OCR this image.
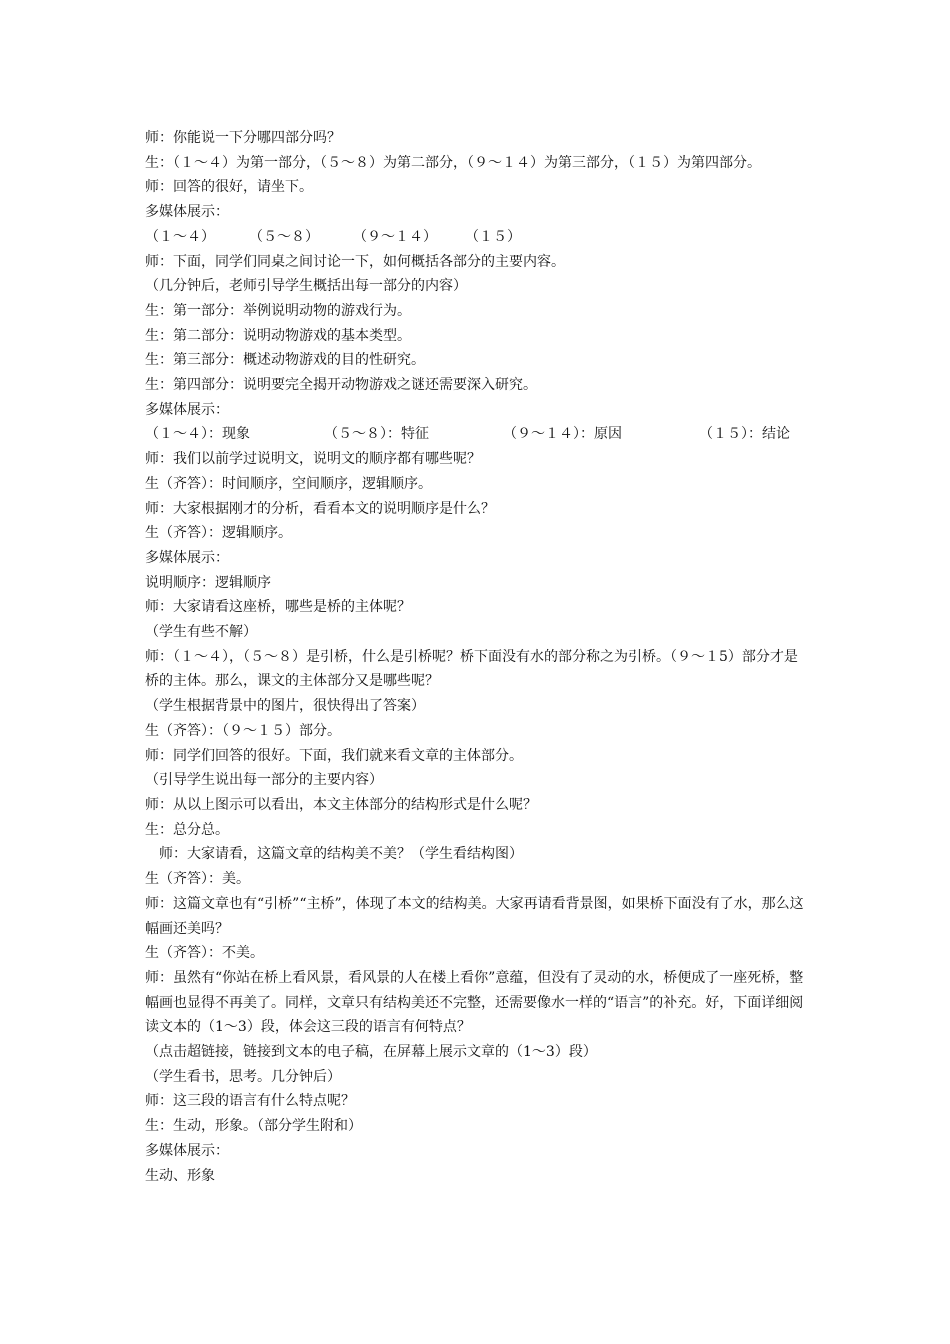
师：你能说一下分哪四部分吗？

生：（１～４）为第一部分，（５～８）为第二部分，（９～１４）为第三部分，（１５）为第四部分。

师：回答的很好，请坐下。

多媒体展示：

（１～４）	（５～８）	（９～１４）	（１５）

师：下面，同学们同桌之间讨论一下，如何概括各部分的主要内容。

（几分钟后，老师引导学生概括出每一部分的内容）

生：第一部分：举例说明动物的游戏行为。

生：第二部分：说明动物游戏的基本类型。

生：第三部分：概述动物游戏的目的性研究。

生：第四部分：说明要完全揭开动物游戏之谜还需要深入研究。

多媒体展示：

（１～４）：现象	（５～８）：特征	（９～１４）：原因	（１５）：结论

师：我们以前学过说明文，说明文的顺序都有哪些呢？

生（齐答）：时间顺序，空间顺序，逻辑顺序。

师：大家根据刚才的分析，看看本文的说明顺序是什么？

生（齐答）：逻辑顺序。

多媒体展示：

说明顺序：逻辑顺序

师：大家请看这座桥，哪些是桥的主体呢？

（学生有些不解）

师：（１～４），（５～８）是引桥，什么是引桥呢？桥下面没有水的部分称之为引桥。（９～１5）部分才是桥的主体。那么，课文的主体部分又是哪些呢？

（学生根据背景中的图片，很快得出了答案）

生（齐答）：（９～１５）部分。

师：同学们回答的很好。下面，我们就来看文章的主体部分。

（引导学生说出每一部分的主要内容）

师：从以上图示可以看出，本文主体部分的结构形式是什么呢？

生：总分总。

师：大家请看，这篇文章的结构美不美？（学生看结构图）

生（齐答）：美。

师：这篇文章也有“引桥”“主桥”，体现了本文的结构美。大家再请看背景图，如果桥下面没有了水，那么这幅画还美吗？

生（齐答）：不美。

师：虽然有“你站在桥上看风景，看风景的人在楼上看你”意蕴，但没有了灵动的水，桥便成了一座死桥，整幅画也显得不再美了。同样，文章只有结构美还不完整，还需要像水一样的“语言”的补充。好，下面详细阅读文本的（1～3）段，体会这三段的语言有何特点？

（点击超链接，链接到文本的电子稿，在屏幕上展示文章的（1～3）段）

（学生看书，思考。几分钟后）

师：这三段的语言有什么特点呢？

生：生动，形象。（部分学生附和）

多媒体展示：

生动、形象
